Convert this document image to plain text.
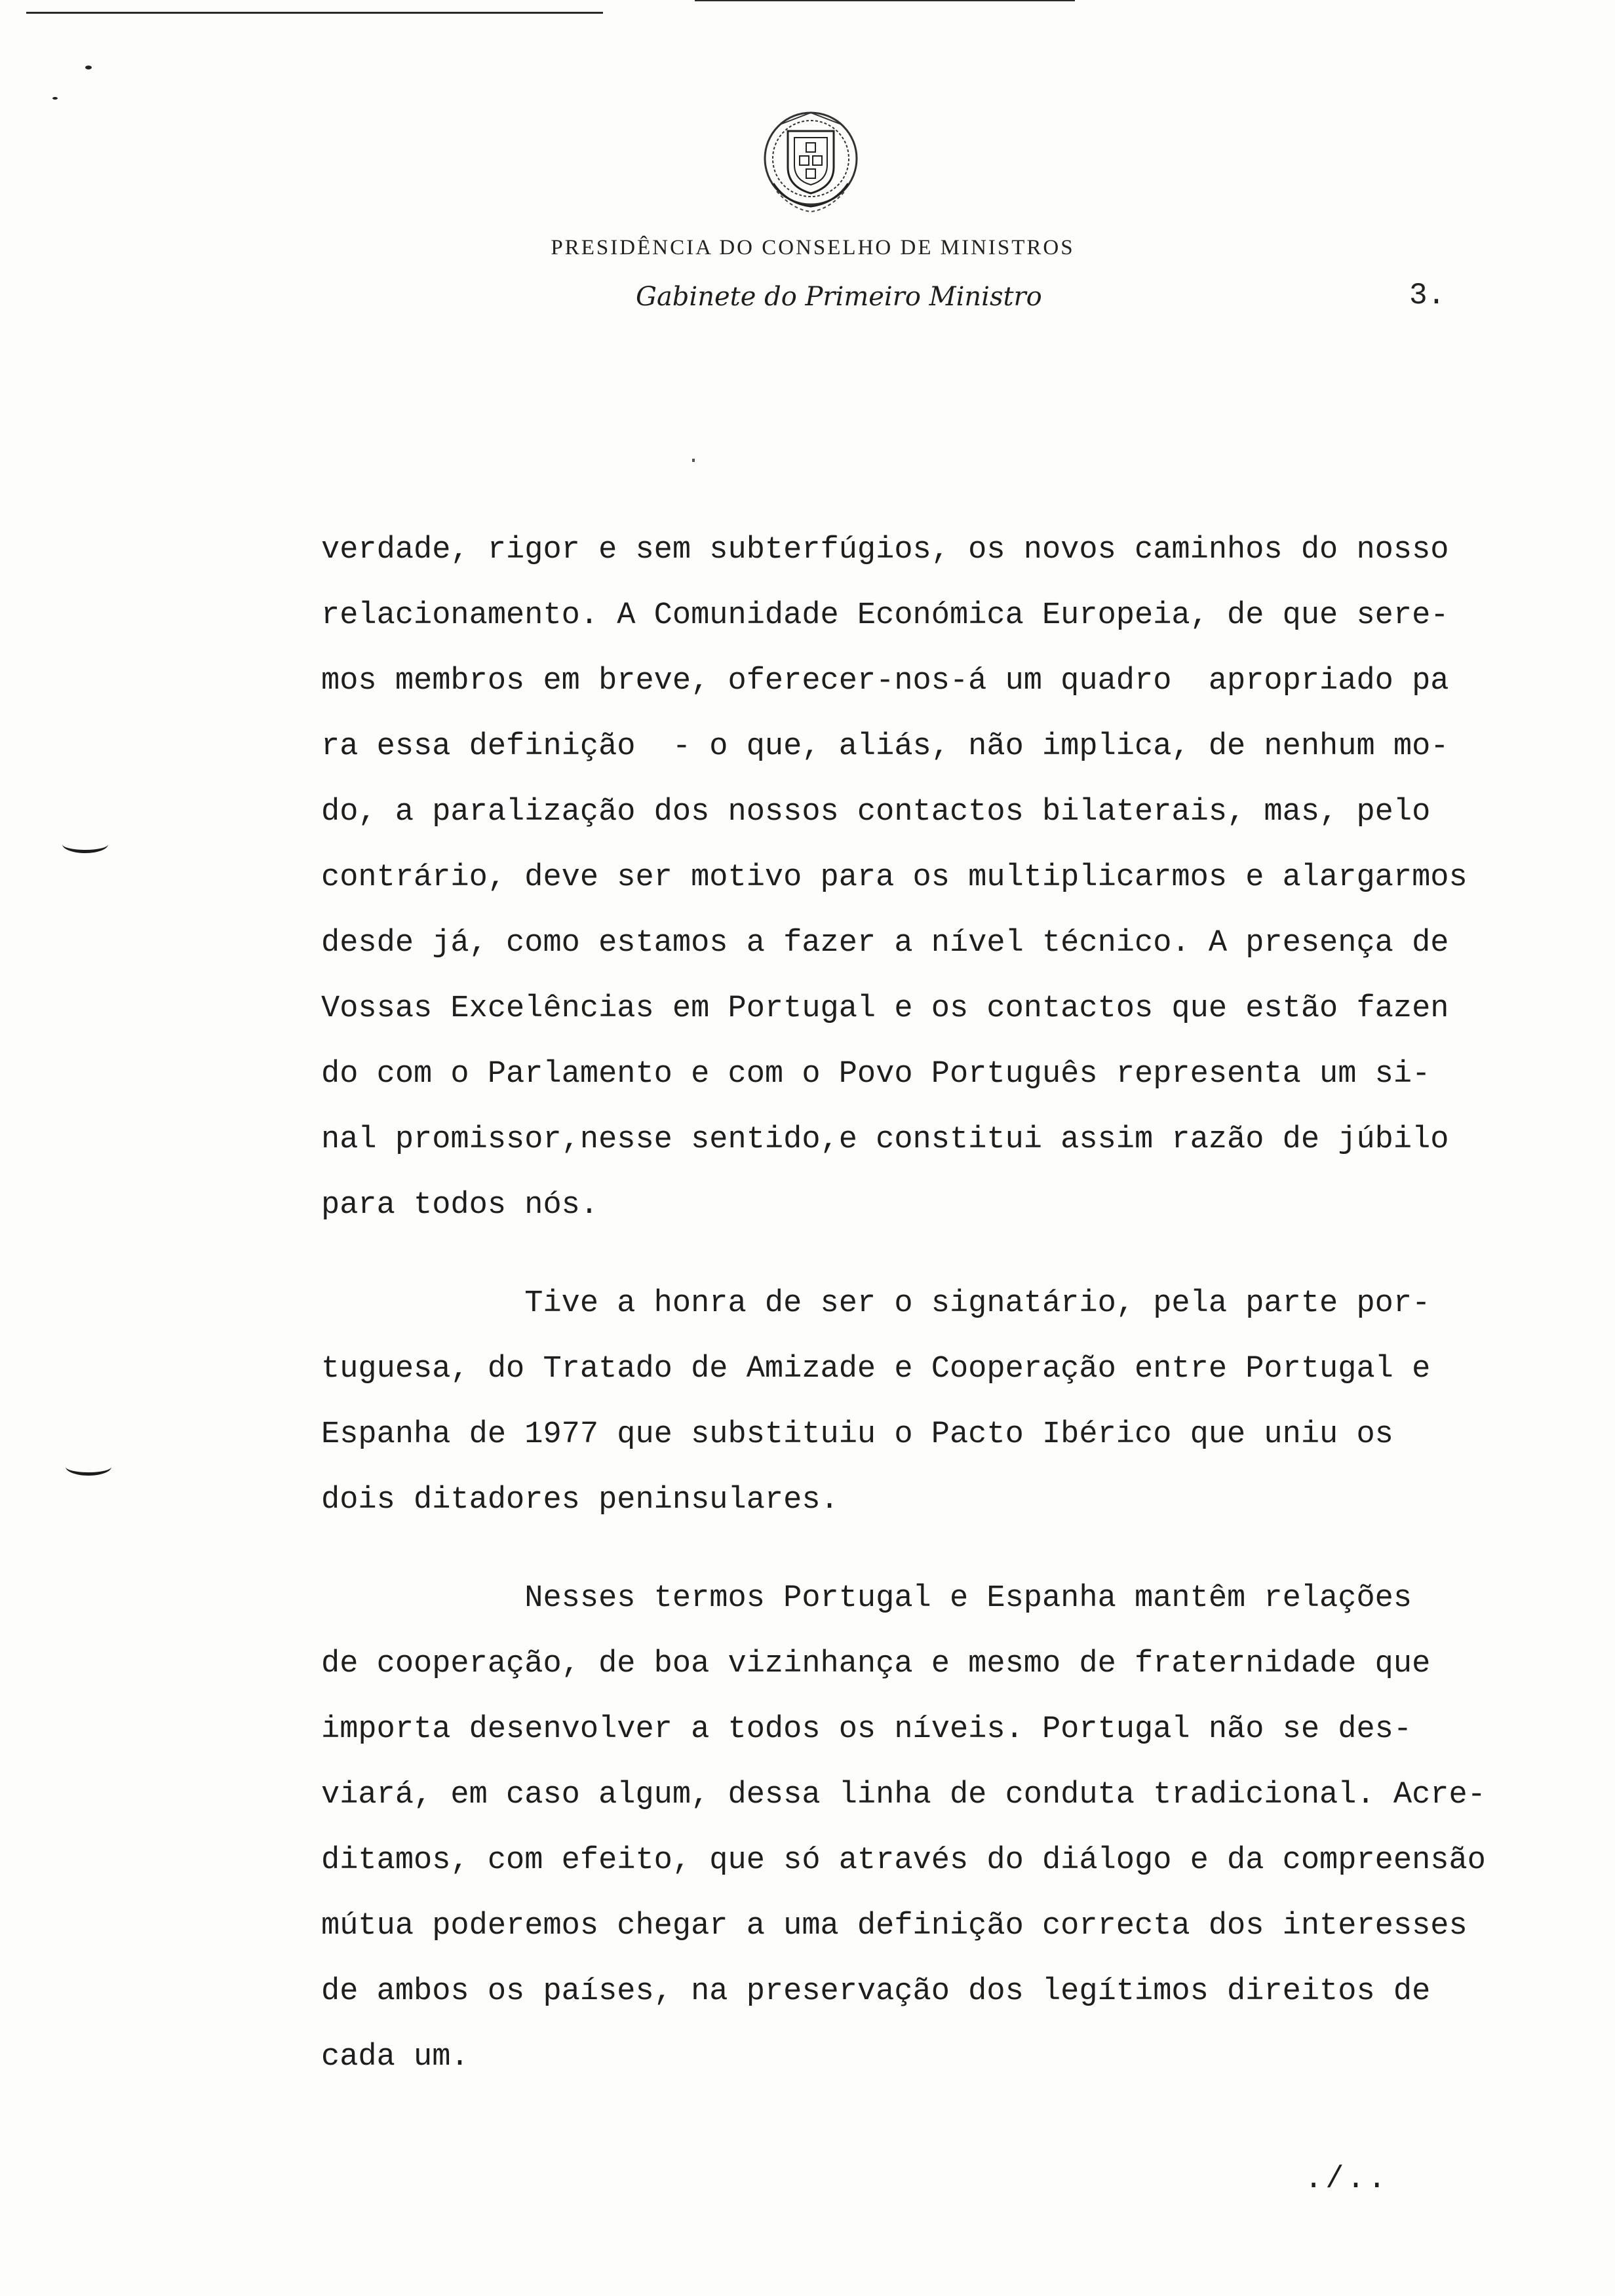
PRESIDÊNCIA DO CONSELHO DE MINISTROS
Gabinete do Primeiro Ministro	3.
verdade, rigor e sem subterfúgios, os novos caminhos do nosso
relacionamento. A Comunidade Económica Europeia, de que sere-
mos membros em breve, oferecer-nos-á um quadro  apropriado pa
ra essa definição  - o que, aliás, não implica, de nenhum mo-
do, a paralização dos nossos contactos bilaterais, mas, pelo
contrário, deve ser motivo para os multiplicarmos e alargarmos
desde já, como estamos a fazer a nível técnico. A presença de
Vossas Excelências em Portugal e os contactos que estão fazen
do com o Parlamento e com o Povo Português representa um si-
nal promissor,nesse sentido,e constitui assim razão de júbilo
para todos nós.
Tive a honra de ser o signatário, pela parte por-
tuguesa, do Tratado de Amizade e Cooperação entre Portugal e
Espanha de 1977 que substituiu o Pacto Ibérico que uniu os
dois ditadores peninsulares.
Nesses termos Portugal e Espanha mantêm relações
de cooperação, de boa vizinhança e mesmo de fraternidade que
importa desenvolver a todos os níveis. Portugal não se des-
viará, em caso algum, dessa linha de conduta tradicional. Acre-
ditamos, com efeito, que só através do diálogo e da compreensão
mútua poderemos chegar a uma definição correcta dos interesses
de ambos os países, na preservação dos legítimos direitos de
cada um.
./..
